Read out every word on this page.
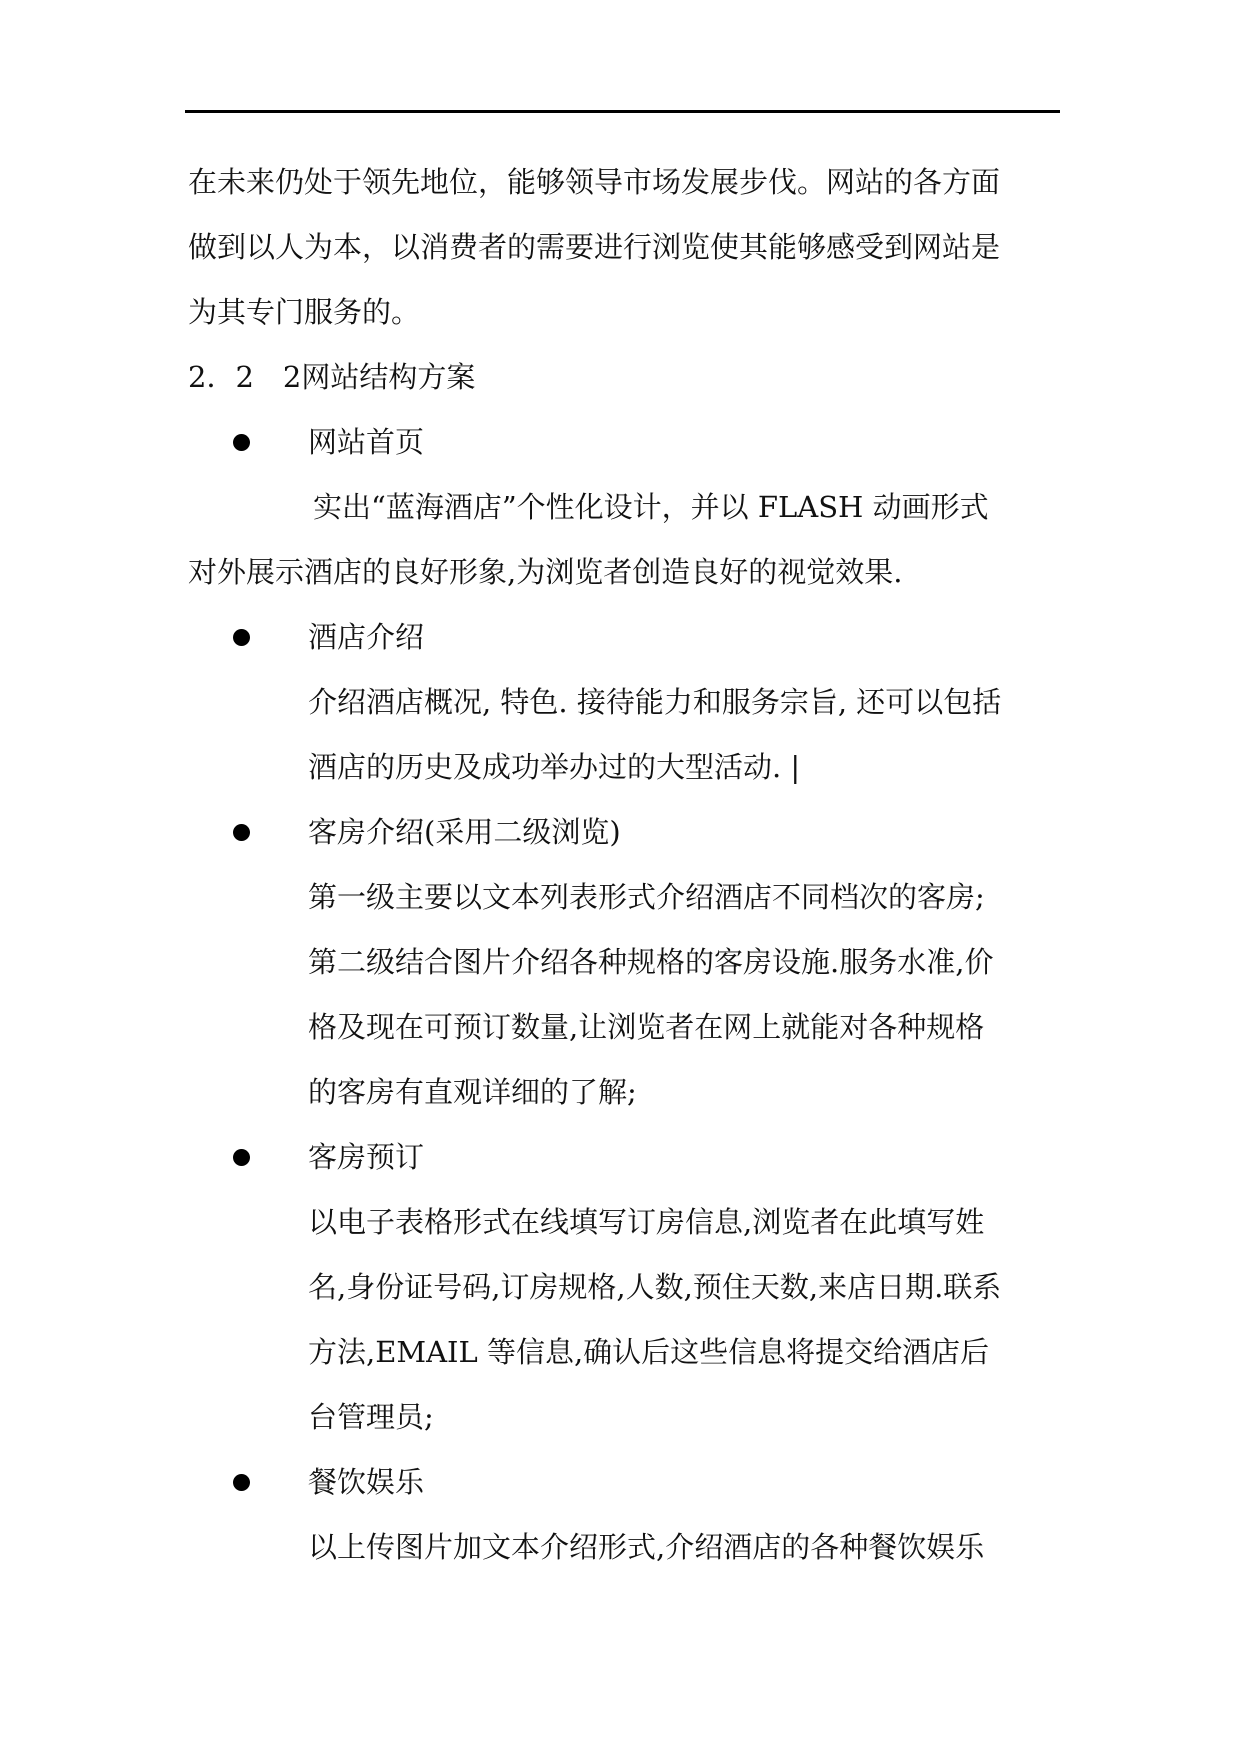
在未来仍处于领先地位，能够领导市场发展步伐。网站的各方面
做到以人为本，以消费者的需要进行浏览使其能够感受到网站是
为其专门服务的。

2．2　2网站结构方案

网站首页

实出“蓝海酒店”个性化设计，并以 FLASH 动画形式
对外展示酒店的良好形象,为浏览者创造良好的视觉效果.

酒店介绍

介绍酒店概况, 特色. 接待能力和服务宗旨, 还可以包括
酒店的历史及成功举办过的大型活动. |

客房介绍(采用二级浏览)

第一级主要以文本列表形式介绍酒店不同档次的客房;
第二级结合图片介绍各种规格的客房设施.服务水准,价
格及现在可预订数量,让浏览者在网上就能对各种规格
的客房有直观详细的了解;

客房预订

以电子表格形式在线填写订房信息,浏览者在此填写姓
名,身份证号码,订房规格,人数,预住天数,来店日期.联系
方法,EMAIL 等信息,确认后这些信息将提交给酒店后
台管理员;

餐饮娱乐

以上传图片加文本介绍形式,介绍酒店的各种餐饮娱乐
